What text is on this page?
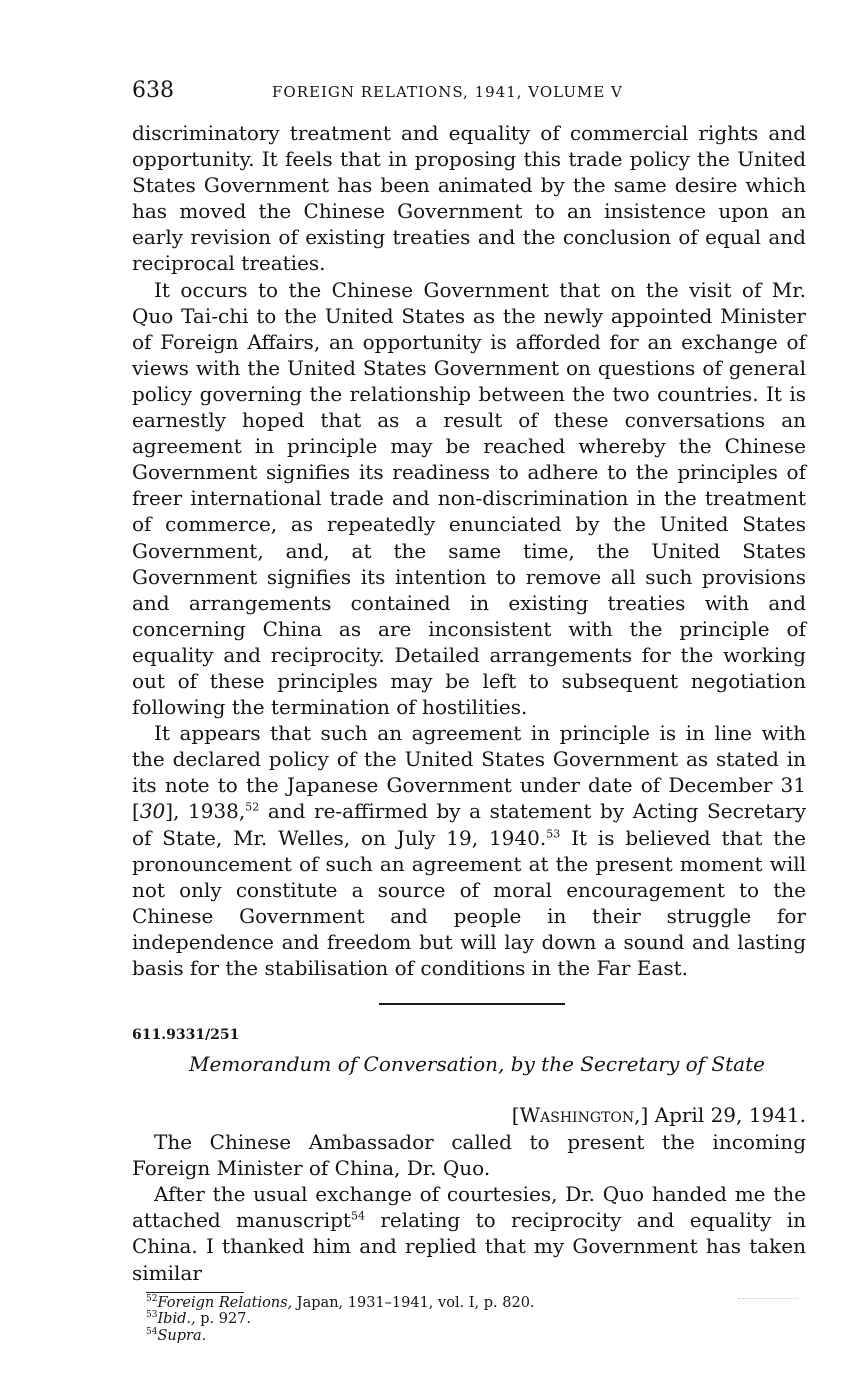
638	FOREIGN RELATIONS, 1941, VOLUME V

discriminatory treatment and equality of commercial rights and opportunity. It feels that in proposing this trade policy the United States Government has been animated by the same desire which has moved the Chinese Government to an insistence upon an early revision of existing treaties and the conclusion of equal and reciprocal treaties.

It occurs to the Chinese Government that on the visit of Mr. Quo Tai-chi to the United States as the newly appointed Minister of Foreign Affairs, an opportunity is afforded for an exchange of views with the United States Government on questions of general policy governing the relationship between the two countries. It is earnestly hoped that as a result of these conversations an agreement in principle may be reached whereby the Chinese Government signifies its readiness to adhere to the principles of freer international trade and non-discrimination in the treatment of commerce, as repeatedly enunciated by the United States Government, and, at the same time, the United States Government signifies its intention to remove all such provisions and arrangements contained in existing treaties with and concerning China as are inconsistent with the principle of equality and reciprocity. Detailed arrangements for the working out of these principles may be left to subsequent negotiation following the termination of hostilities.

It appears that such an agreement in principle is in line with the declared policy of the United States Government as stated in its note to the Japanese Government under date of December 31 [30], 1938,52 and re-affirmed by a statement by Acting Secretary of State, Mr. Welles, on July 19, 1940.53 It is believed that the pronouncement of such an agreement at the present moment will not only constitute a source of moral encouragement to the Chinese Government and people in their struggle for independence and freedom but will lay down a sound and lasting basis for the stabilisation of conditions in the Far East.

611.9331/251
Memorandum of Conversation, by the Secretary of State
[Washington,] April 29, 1941.

The Chinese Ambassador called to present the incoming Foreign Minister of China, Dr. Quo.

After the usual exchange of courtesies, Dr. Quo handed me the attached manuscript$^{54}$ relating to reciprocity and equality in China. I thanked him and replied that my Government has taken similar

$^{52}$Foreign Relations, Japan, 1931–1941, vol. I, p. 820.
$^{53}$Ibid., p. 927.
$^{54}$Supra.
